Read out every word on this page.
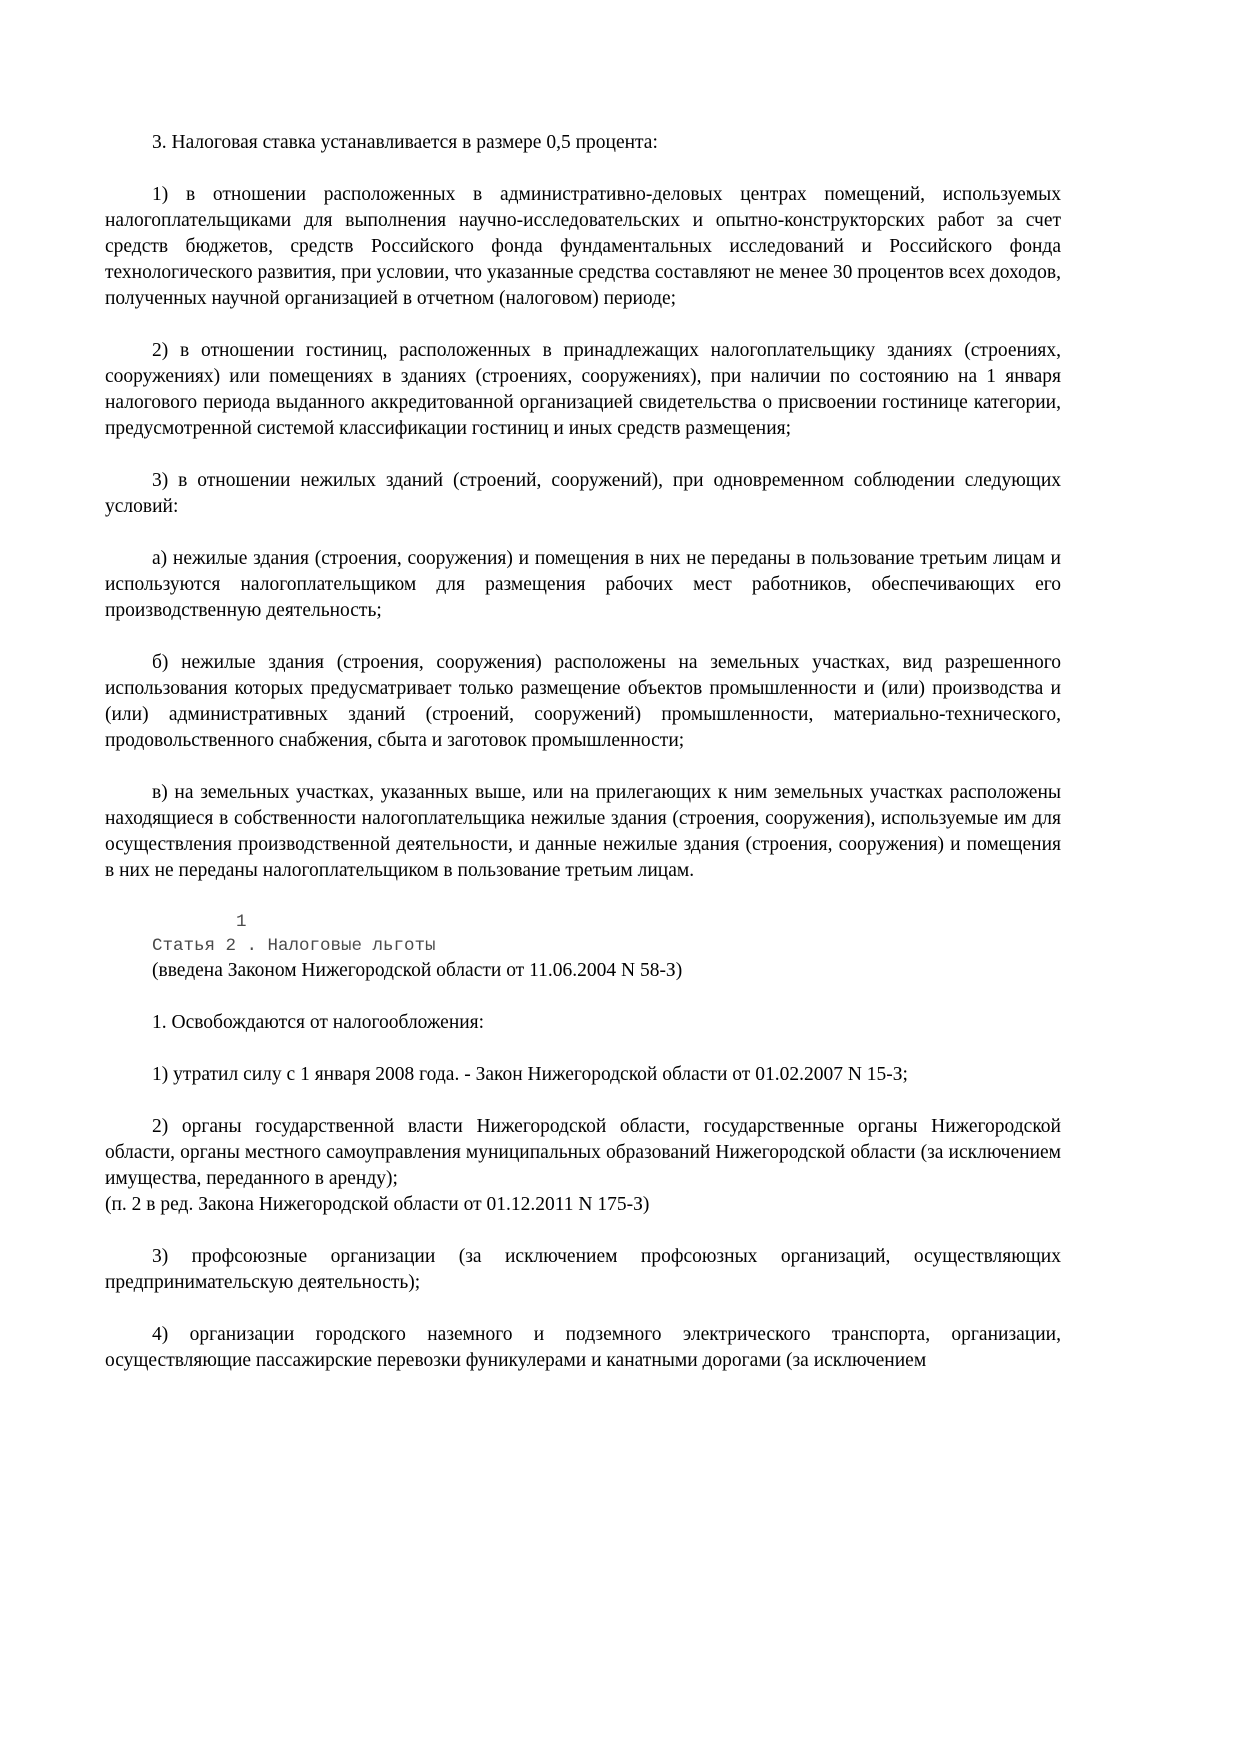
3. Налоговая ставка устанавливается в размере 0,5 процента:

1) в отношении расположенных в административно-деловых центрах помещений, используемых налогоплательщиками для выполнения научно-исследовательских и опытно-конструкторских работ за счет средств бюджетов, средств Российского фонда фундаментальных исследований и Российского фонда технологического развития, при условии, что указанные средства составляют не менее 30 процентов всех доходов, полученных научной организацией в отчетном (налоговом) периоде;

2) в отношении гостиниц, расположенных в принадлежащих налогоплательщику зданиях (строениях, сооружениях) или помещениях в зданиях (строениях, сооружениях), при наличии по состоянию на 1 января налогового периода выданного аккредитованной организацией свидетельства о присвоении гостинице категории, предусмотренной системой классификации гостиниц и иных средств размещения;

3) в отношении нежилых зданий (строений, сооружений), при одновременном соблюдении следующих условий:

а) нежилые здания (строения, сооружения) и помещения в них не переданы в пользование третьим лицам и используются налогоплательщиком для размещения рабочих мест работников, обеспечивающих его производственную деятельность;

б) нежилые здания (строения, сооружения) расположены на земельных участках, вид разрешенного использования которых предусматривает только размещение объектов промышленности и (или) производства и (или) административных зданий (строений, сооружений) промышленности, материально-технического, продовольственного снабжения, сбыта и заготовок промышленности;

в) на земельных участках, указанных выше, или на прилегающих к ним земельных участках расположены находящиеся в собственности налогоплательщика нежилые здания (строения, сооружения), используемые им для осуществления производственной деятельности, и данные нежилые здания (строения, сооружения) и помещения в них не переданы налогоплательщиком в пользование третьим лицам.

1

Статья 2 . Налоговые льготы

(введена Законом Нижегородской области от 11.06.2004 N 58-З)

1. Освобождаются от налогообложения:

1) утратил силу с 1 января 2008 года. - Закон Нижегородской области от 01.02.2007 N 15-З;

2) органы государственной власти Нижегородской области, государственные органы Нижегородской области, органы местного самоуправления муниципальных образований Нижегородской области (за исключением имущества, переданного в аренду);

(п. 2 в ред. Закона Нижегородской области от 01.12.2011 N 175-З)

3) профсоюзные организации (за исключением профсоюзных организаций, осуществляющих предпринимательскую деятельность);

4) организации городского наземного и подземного электрического транспорта, организации, осуществляющие пассажирские перевозки фуникулерами и канатными дорогами (за исключением
